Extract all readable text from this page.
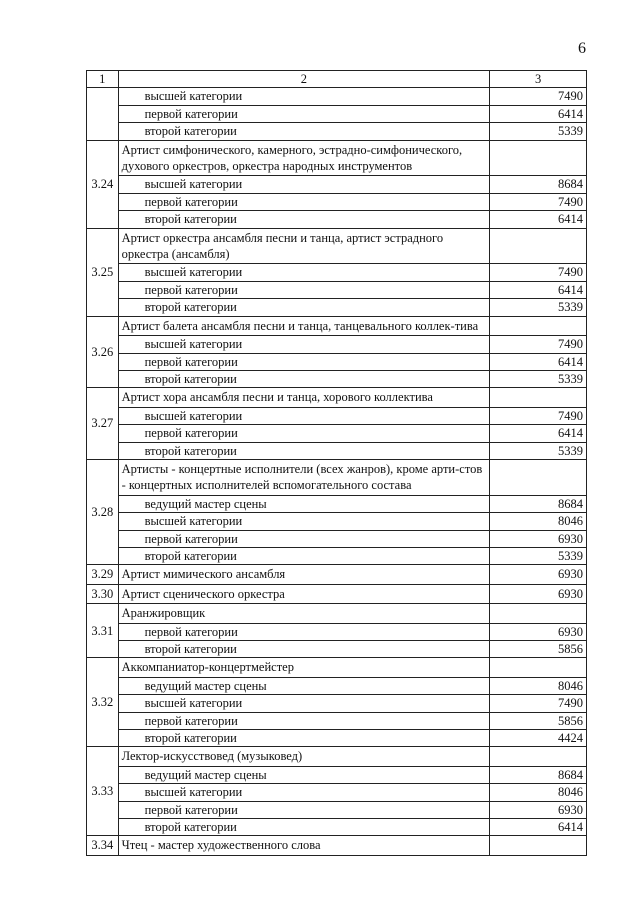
6
1	2	3
	высшей категории	7490
	первой категории	6414
	второй категории	5339
3.24	Артист симфонического, камерного, эстрадно-симфонического, духового оркестров, оркестра народных инструментов	
	высшей категории	8684
	первой категории	7490
	второй категории	6414
3.25	Артист оркестра ансамбля песни и танца, артист эстрадного оркестра (ансамбля)	
	высшей категории	7490
	первой категории	6414
	второй категории	5339
3.26	Артист балета ансамбля песни и танца, танцевального коллек-тива	
	высшей категории	7490
	первой категории	6414
	второй категории	5339
3.27	Артист хора ансамбля песни и танца, хорового коллектива	
	высшей категории	7490
	первой категории	6414
	второй категории	5339
3.28	Артисты - концертные исполнители (всех жанров), кроме арти-стов - концертных исполнителей вспомогательного состава	
	ведущий мастер сцены	8684
	высшей категории	8046
	первой категории	6930
	второй категории	5339
3.29	Артист мимического ансамбля	6930
3.30	Артист сценического оркестра	6930
3.31	Аранжировщик	
	первой категории	6930
	второй категории	5856
3.32	Аккомпаниатор-концертмейстер	
	ведущий мастер сцены	8046
	высшей категории	7490
	первой категории	5856
	второй категории	4424
3.33	Лектор-искусствовед (музыковед)	
	ведущий мастер сцены	8684
	высшей категории	8046
	первой категории	6930
	второй категории	6414
3.34	Чтец - мастер художественного слова	
